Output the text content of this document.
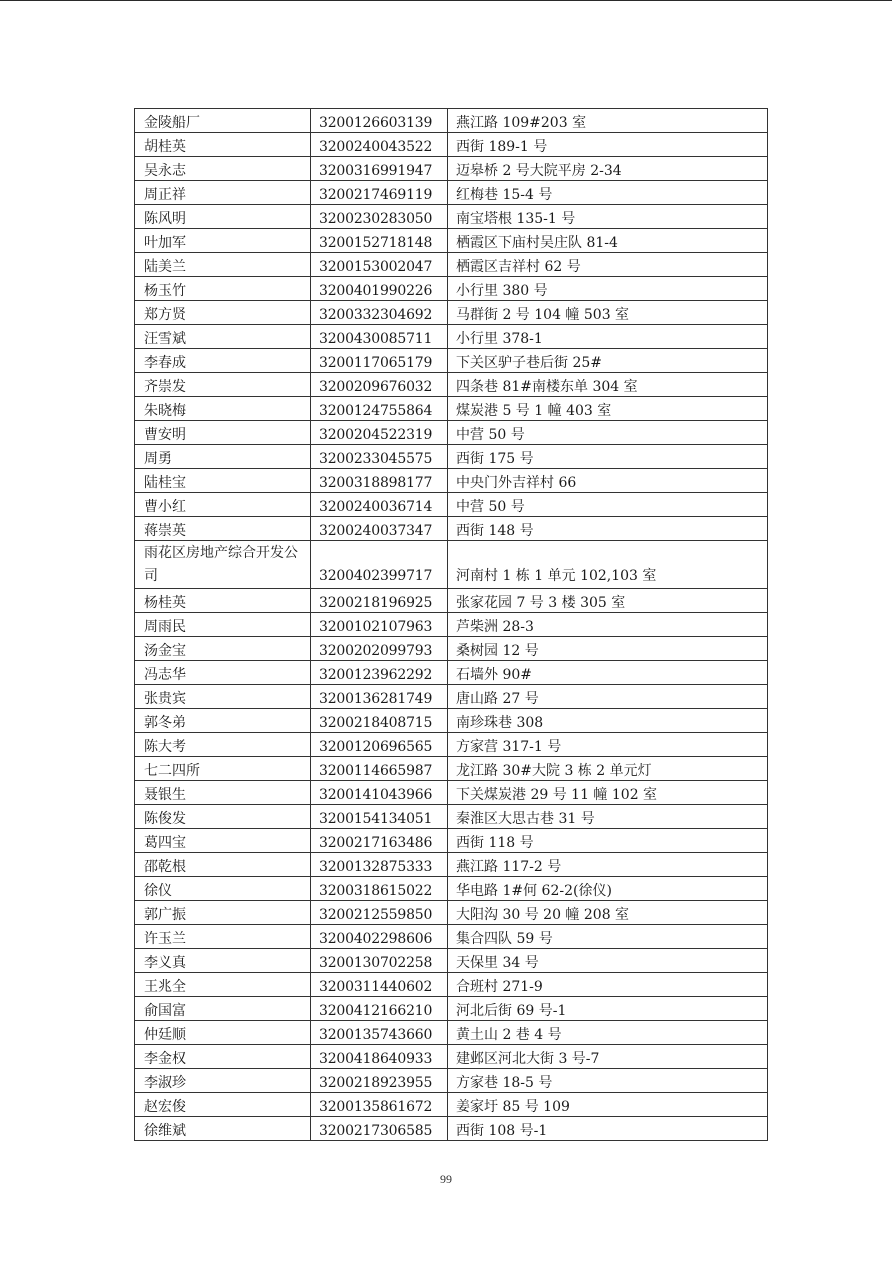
金陵船厂	3200126603139	燕江路 109#203 室
胡桂英	3200240043522	西街 189-1 号
吴永志	3200316991947	迈皋桥 2 号大院平房 2-34
周正祥	3200217469119	红梅巷 15-4 号
陈风明	3200230283050	南宝塔根 135-1 号
叶加军	3200152718148	栖霞区下庙村吴庄队 81-4
陆美兰	3200153002047	栖霞区吉祥村 62 号
杨玉竹	3200401990226	小行里 380 号
郑方贤	3200332304692	马群街 2 号 104 幢 503 室
汪雪斌	3200430085711	小行里 378-1
李春成	3200117065179	下关区驴子巷后街 25#
齐崇发	3200209676032	四条巷 81#南楼东单 304 室
朱晓梅	3200124755864	煤炭港 5 号 1 幢 403 室
曹安明	3200204522319	中营 50 号
周勇	3200233045575	西街 175 号
陆桂宝	3200318898177	中央门外吉祥村 66
曹小红	3200240036714	中营 50 号
蒋崇英	3200240037347	西街 148 号
雨花区房地产综合开发公司	3200402399717	河南村 1 栋 1 单元 102,103 室
杨桂英	3200218196925	张家花园 7 号 3 楼 305 室
周雨民	3200102107963	芦柴洲 28-3
汤金宝	3200202099793	桑树园 12 号
冯志华	3200123962292	石墙外 90#
张贵宾	3200136281749	唐山路 27 号
郭冬弟	3200218408715	南珍珠巷 308
陈大考	3200120696565	方家营 317-1 号
七二四所	3200114665987	龙江路 30#大院 3 栋 2 单元灯
聂银生	3200141043966	下关煤炭港 29 号 11 幢 102 室
陈俊发	3200154134051	秦淮区大思古巷 31 号
葛四宝	3200217163486	西街 118 号
邵乾根	3200132875333	燕江路 117-2 号
徐仪	3200318615022	华电路 1#何 62-2(徐仪)
郭广振	3200212559850	大阳沟 30 号 20 幢 208 室
许玉兰	3200402298606	集合四队 59 号
李义真	3200130702258	天保里 34 号
王兆全	3200311440602	合班村 271-9
俞国富	3200412166210	河北后街 69 号-1
仲廷顺	3200135743660	黄土山 2 巷 4 号
李金权	3200418640933	建邺区河北大街 3 号-7
李淑珍	3200218923955	方家巷 18-5 号
赵宏俊	3200135861672	姜家圩 85 号 109
徐维斌	3200217306585	西街 108 号-1
99
